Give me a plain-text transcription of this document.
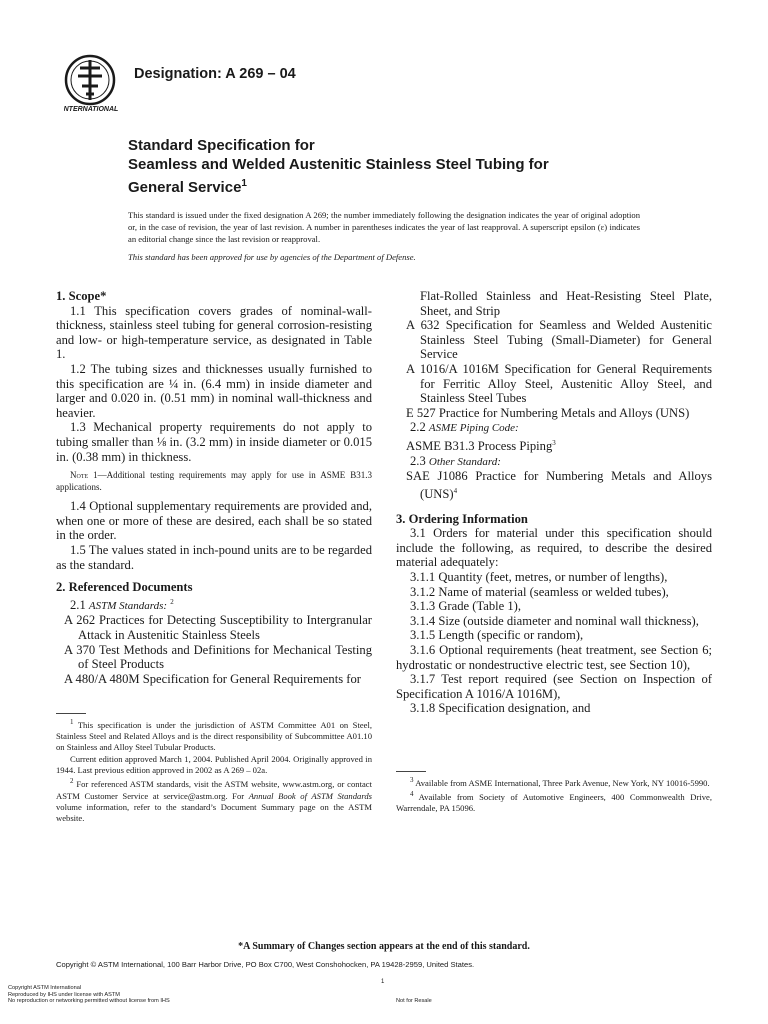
INTERNATIONAL
Designation: A 269 – 04
Standard Specification for
Seamless and Welded Austenitic Stainless Steel Tubing for
General Service$^1$
This standard is issued under the fixed designation A 269; the number immediately following the designation indicates the year of original adoption or, in the case of revision, the year of last revision. A number in parentheses indicates the year of last reapproval. A superscript epsilon (ε) indicates an editorial change since the last revision or reapproval.
This standard has been approved for use by agencies of the Department of Defense.

1. Scope*

1.1 This specification covers grades of nominal-wall-thickness, stainless steel tubing for general corrosion-resisting and low- or high-temperature service, as designated in Table 1.

1.2 The tubing sizes and thicknesses usually furnished to this specification are ¼ in. (6.4 mm) in inside diameter and larger and 0.020 in. (0.51 mm) in nominal wall-thickness and heavier.

1.3 Mechanical property requirements do not apply to tubing smaller than ⅛ in. (3.2 mm) in inside diameter or 0.015 in. (0.38 mm) in thickness.

Note 1—Additional testing requirements may apply for use in ASME B31.3 applications.

1.4 Optional supplementary requirements are provided and, when one or more of these are desired, each shall be so stated in the order.

1.5 The values stated in inch-pound units are to be regarded as the standard.

2. Referenced Documents

2.1 ASTM Standards: $^2$

A 262 Practices for Detecting Susceptibility to Intergranular Attack in Austenitic Stainless Steels

A 370 Test Methods and Definitions for Mechanical Testing of Steel Products

A 480/A 480M Specification for General Requirements for

$^1$ This specification is under the jurisdiction of ASTM Committee A01 on Steel, Stainless Steel and Related Alloys and is the direct responsibility of Subcommittee A01.10 on Stainless and Alloy Steel Tubular Products.

Current edition approved March 1, 2004. Published April 2004. Originally approved in 1944. Last previous edition approved in 2002 as A 269 – 02a.

$^2$ For referenced ASTM standards, visit the ASTM website, www.astm.org, or contact ASTM Customer Service at service@astm.org. For Annual Book of ASTM Standards volume information, refer to the standard’s Document Summary page on the ASTM website.

Flat-Rolled Stainless and Heat-Resisting Steel Plate, Sheet, and Strip

A 632 Specification for Seamless and Welded Austenitic Stainless Steel Tubing (Small-Diameter) for General Service

A 1016/A 1016M Specification for General Requirements for Ferritic Alloy Steel, Austenitic Alloy Steel, and Stainless Steel Tubes

E 527 Practice for Numbering Metals and Alloys (UNS)

2.2 ASME Piping Code:

ASME B31.3 Process Piping$^3$

2.3 Other Standard:

SAE J1086 Practice for Numbering Metals and Alloys (UNS)$^4$

3. Ordering Information

3.1 Orders for material under this specification should include the following, as required, to describe the desired material adequately:

3.1.1 Quantity (feet, metres, or number of lengths),

3.1.2 Name of material (seamless or welded tubes),

3.1.3 Grade (Table 1),

3.1.4 Size (outside diameter and nominal wall thickness),

3.1.5 Length (specific or random),

3.1.6 Optional requirements (heat treatment, see Section 6; hydrostatic or nondestructive electric test, see Section 10),

3.1.7 Test report required (see Section on Inspection of Specification A 1016/A 1016M),

3.1.8 Specification designation, and

$^3$ Available from ASME International, Three Park Avenue, New York, NY 10016-5990.

$^4$ Available from Society of Automotive Engineers, 400 Commonwealth Drive, Warrendale, PA 15096.

*A Summary of Changes section appears at the end of this standard.
Copyright © ASTM International, 100 Barr Harbor Drive, PO Box C700, West Conshohocken, PA 19428-2959, United States.
1
Copyright ASTM International
Reproduced by IHS under license with ASTM
No reproduction or networking permitted without license from IHS	Not for Resale
